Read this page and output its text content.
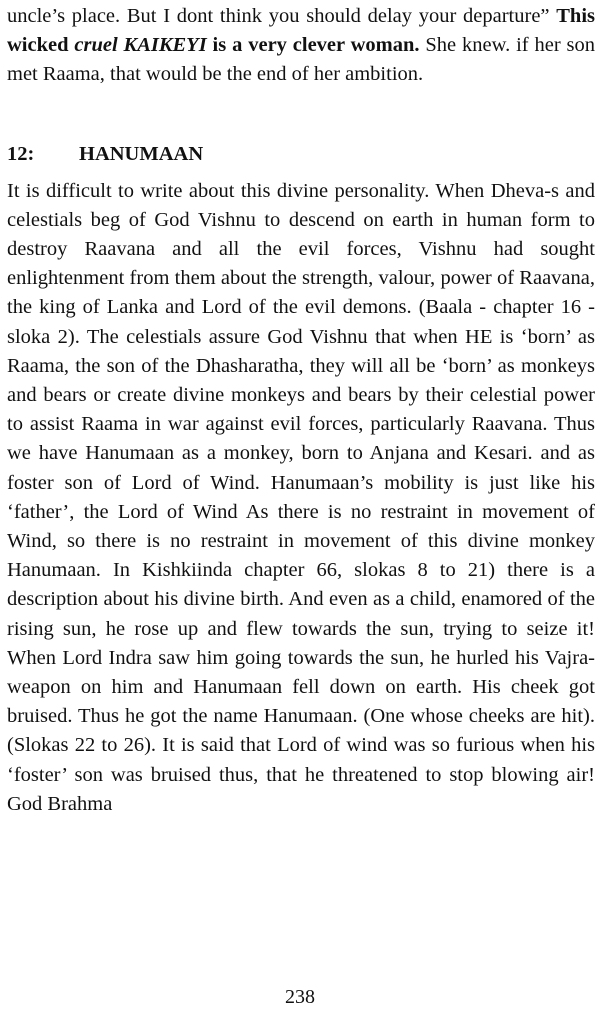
uncle’s place. But I dont think you should delay your departure” This wicked cruel KAIKEYI is a very clever woman. She knew. if her son met Raama, that would be the end of her ambition.

12: HANUMAAN

It is difficult to write about this divine personality. When Dheva-s and celestials beg of God Vishnu to descend on earth in human form to destroy Raavana and all the evil forces, Vishnu had sought enlightenment from them about the strength, valour, power of Raavana, the king of Lanka and Lord of the evil demons. (Baala - chapter 16 - sloka 2). The celestials assure God Vishnu that when HE is ‘born’ as Raama, the son of the Dhasharatha, they will all be ‘born’ as monkeys and bears or create divine monkeys and bears by their celestial power to assist Raama in war against evil forces, particularly Raavana. Thus we have Hanumaan as a monkey, born to Anjana and Kesari. and as foster son of Lord of Wind. Hanumaan’s mobility is just like his ‘father’, the Lord of Wind As there is no restraint in movement of Wind, so there is no restraint in movement of this divine monkey Hanumaan. In Kishkiinda chapter 66, slokas 8 to 21) there is a description about his divine birth. And even as a child, enamored of the rising sun, he rose up and flew towards the sun, trying to seize it! When Lord Indra saw him going towards the sun, he hurled his Vajra-weapon on him and Hanumaan fell down on earth. His cheek got bruised. Thus he got the name Hanumaan. (One whose cheeks are hit). (Slokas 22 to 26). It is said that Lord of wind was so furious when his ‘foster’ son was bruised thus, that he threatened to stop blowing air! God Brahma

238
